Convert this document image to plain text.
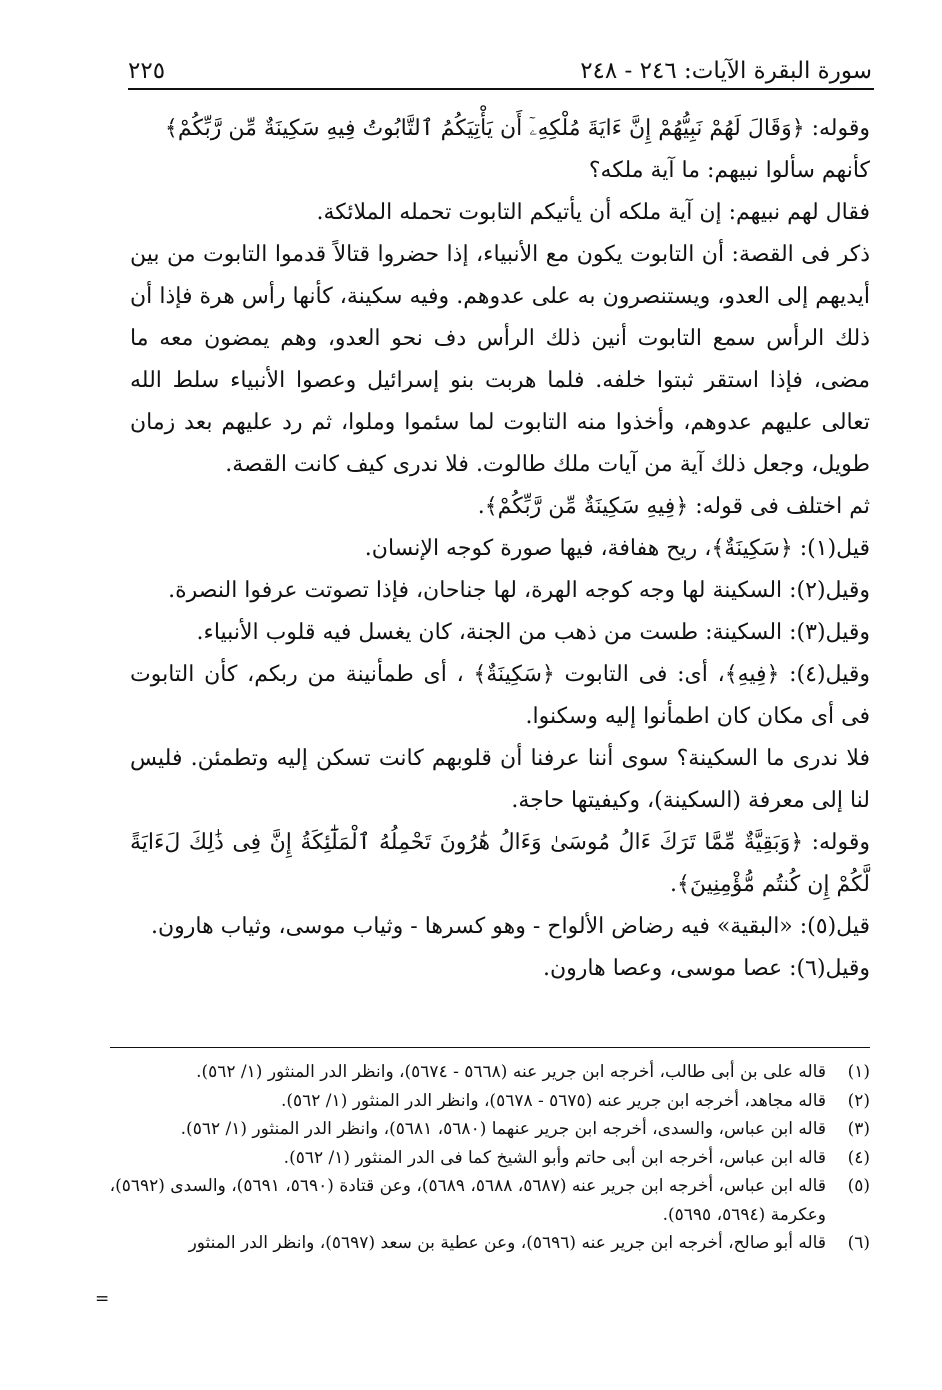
سورة البقرة الآيات: ٢٤٦ - ٢٤٨
٢٢٥

وقوله: ﴿وَقَالَ لَهُمْ نَبِيُّهُمْ إِنَّ ءَايَةَ مُلْكِهِۦٓ أَن يَأْتِيَكُمُ ٱلتَّابُوتُ فِيهِ سَكِينَةٌ مِّن رَّبِّكُمْ﴾

كأنهم سألوا نبيهم: ما آية ملكه؟

فقال لهم نبيهم: إن آية ملكه أن يأتيكم التابوت تحمله الملائكة.

ذكر فى القصة: أن التابوت يكون مع الأنبياء، إذا حضروا قتالاً قدموا التابوت من بين أيديهم إلى العدو، ويستنصرون به على عدوهم. وفيه سكينة، كأنها رأس هرة فإذا أن ذلك الرأس سمع التابوت أنين ذلك الرأس دف نحو العدو، وهم يمضون معه ما مضى، فإذا استقر ثبتوا خلفه. فلما هربت بنو إسرائيل وعصوا الأنبياء سلط الله تعالى عليهم عدوهم، وأخذوا منه التابوت لما سئموا وملوا، ثم رد عليهم بعد زمان طويل، وجعل ذلك آية من آيات ملك طالوت. فلا ندرى كيف كانت القصة.

ثم اختلف فى قوله: ﴿فِيهِ سَكِينَةٌ مِّن رَّبِّكُمْ﴾.

قيل(١): ﴿سَكِينَةٌ﴾، ريح هفافة، فيها صورة كوجه الإنسان.

وقيل(٢): السكينة لها وجه كوجه الهرة، لها جناحان، فإذا تصوتت عرفوا النصرة.

وقيل(٣): السكينة: طست من ذهب من الجنة، كان يغسل فيه قلوب الأنبياء.

وقيل(٤): ﴿فِيهِ﴾، أى: فى التابوت ﴿سَكِينَةٌ﴾ ، أى طمأنينة من ربكم، كأن التابوت فى أى مكان كان اطمأنوا إليه وسكنوا.

فلا ندرى ما السكينة؟ سوى أننا عرفنا أن قلوبهم كانت تسكن إليه وتطمئن. فليس لنا إلى معرفة (السكينة)، وكيفيتها حاجة.

وقوله: ﴿وَبَقِيَّةٌ مِّمَّا تَرَكَ ءَالُ مُوسَىٰ وَءَالُ هَٰرُونَ تَحْمِلُهُ ٱلْمَلَٰٓئِكَةُ إِنَّ فِى ذَٰلِكَ لَءَايَةً لَّكُمْ إِن كُنتُم مُّؤْمِنِينَ﴾.

قيل(٥): «البقية» فيه رضاض الألواح - وهو كسرها - وثياب موسى، وثياب هارون.

وقيل(٦): عصا موسى، وعصا هارون.

(١)
قاله على بن أبى طالب، أخرجه ابن جرير عنه (٥٦٦٨ - ٥٦٧٤)، وانظر الدر المنثور (١/ ٥٦٢).
(٢)
قاله مجاهد، أخرجه ابن جرير عنه (٥٦٧٥ - ٥٦٧٨)، وانظر الدر المنثور (١/ ٥٦٢).
(٣)
قاله ابن عباس، والسدى، أخرجه ابن جرير عنهما (٥٦٨٠، ٥٦٨١)، وانظر الدر المنثور (١/ ٥٦٢).
(٤)
قاله ابن عباس، أخرجه ابن أبى حاتم وأبو الشيخ كما فى الدر المنثور (١/ ٥٦٢).
(٥)
قاله ابن عباس، أخرجه ابن جرير عنه (٥٦٨٧، ٥٦٨٨، ٥٦٨٩)، وعن قتادة (٥٦٩٠، ٥٦٩١)، والسدى (٥٦٩٢)، وعكرمة (٥٦٩٤، ٥٦٩٥).
(٦)
قاله أبو صالح، أخرجه ابن جرير عنه (٥٦٩٦)، وعن عطية بن سعد (٥٦٩٧)، وانظر الدر المنثور
=
